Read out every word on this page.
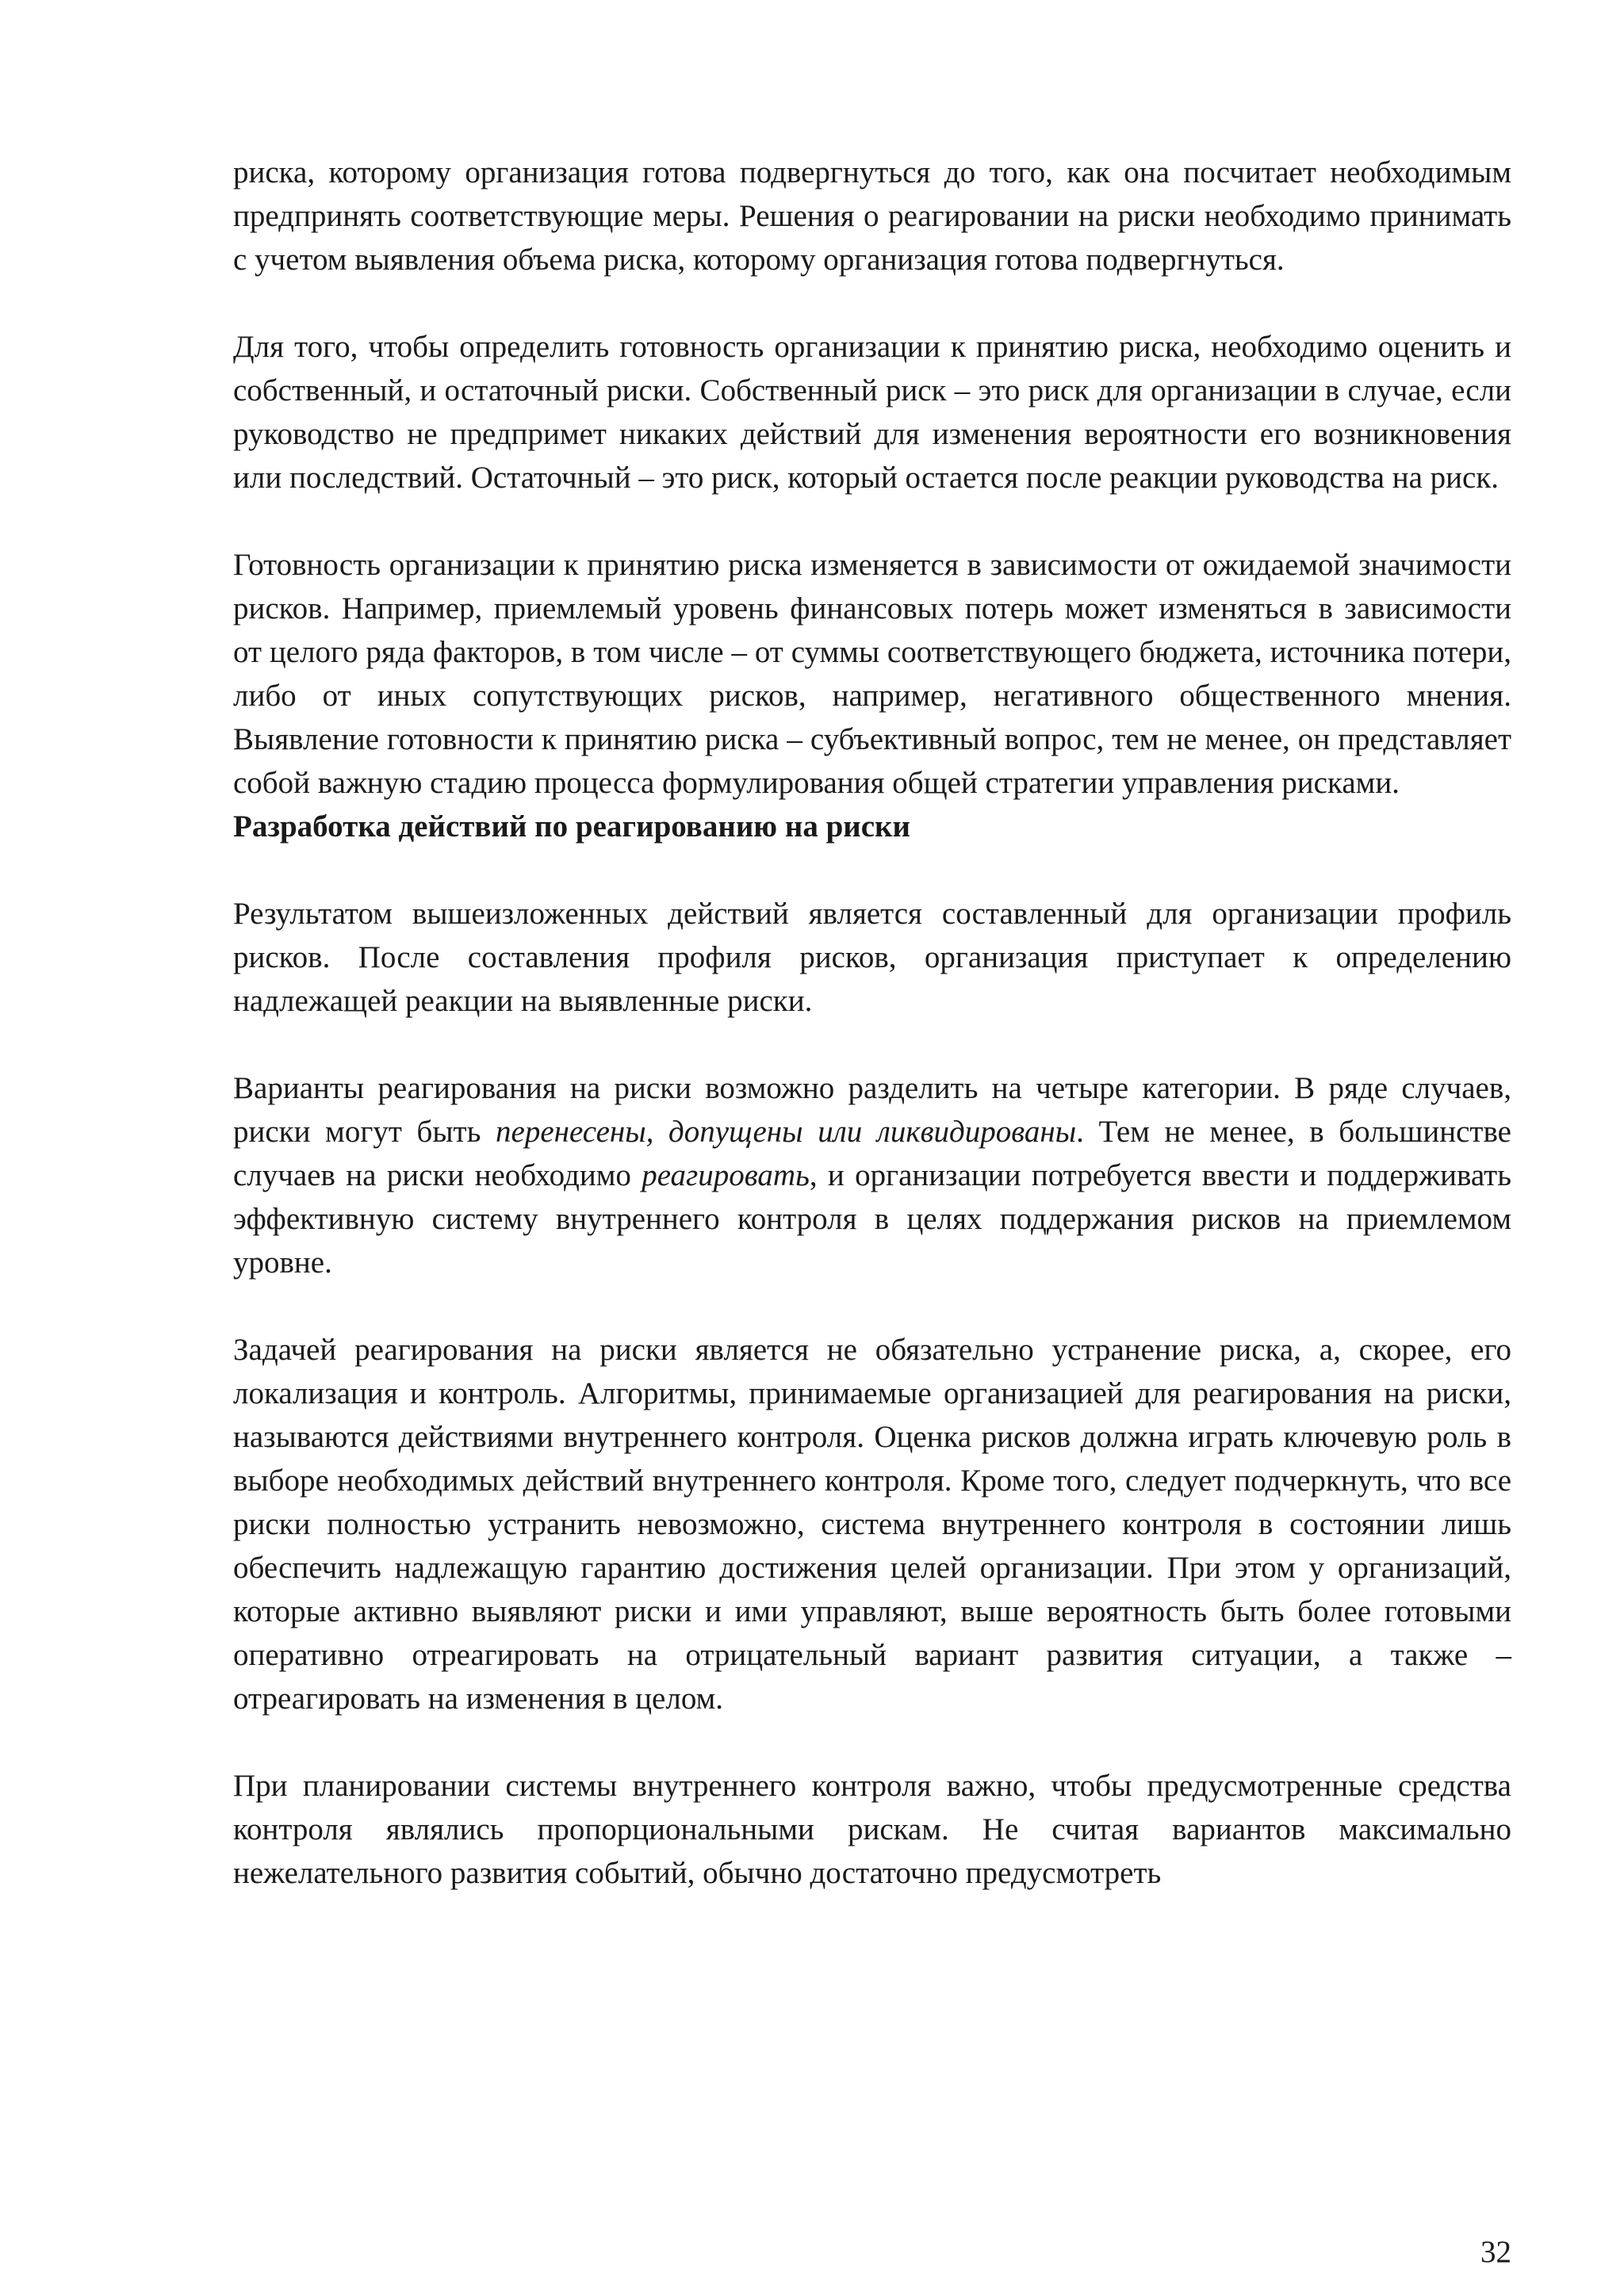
риска, которому организация готова подвергнуться до того, как она посчитает необходимым предпринять соответствующие меры. Решения о реагировании на риски необходимо принимать с учетом выявления объема риска, которому организация готова подвергнуться.

Для того, чтобы определить готовность организации к принятию риска, необходимо оценить и собственный, и остаточный риски. Собственный риск – это риск для организации в случае, если руководство не предпримет никаких действий для изменения вероятности его возникновения или последствий. Остаточный – это риск, который остается после реакции руководства на риск.

Готовность организации к принятию риска изменяется в зависимости от ожидаемой значимости рисков. Например, приемлемый уровень финансовых потерь может изменяться в зависимости от целого ряда факторов, в том числе – от суммы соответствующего бюджета, источника потери, либо от иных сопутствующих рисков, например, негативного общественного мнения. Выявление готовности к принятию риска – субъективный вопрос, тем не менее, он представляет собой важную стадию процесса формулирования общей стратегии управления рисками.

Разработка действий по реагированию на риски

Результатом вышеизложенных действий является составленный для организации профиль рисков. После составления профиля рисков, организация приступает к определению надлежащей реакции на выявленные риски.

Варианты реагирования на риски возможно разделить на четыре категории. В ряде случаев, риски могут быть перенесены, допущены или ликвидированы. Тем не менее, в большинстве случаев на риски необходимо реагировать, и организации потребуется ввести и поддерживать эффективную систему внутреннего контроля в целях поддержания рисков на приемлемом уровне.

Задачей реагирования на риски является не обязательно устранение риска, а, скорее, его локализация и контроль. Алгоритмы, принимаемые организацией для реагирования на риски, называются действиями внутреннего контроля. Оценка рисков должна играть ключевую роль в выборе необходимых действий внутреннего контроля. Кроме того, следует подчеркнуть, что все риски полностью устранить невозможно, система внутреннего контроля в состоянии лишь обеспечить надлежащую гарантию достижения целей организации. При этом у организаций, которые активно выявляют риски и ими управляют, выше вероятность быть более готовыми оперативно отреагировать на отрицательный вариант развития ситуации, а также – отреагировать на изменения в целом.

При планировании системы внутреннего контроля важно, чтобы предусмотренные средства контроля являлись пропорциональными рискам. Не считая вариантов максимально нежелательного развития событий, обычно достаточно предусмотреть

32
